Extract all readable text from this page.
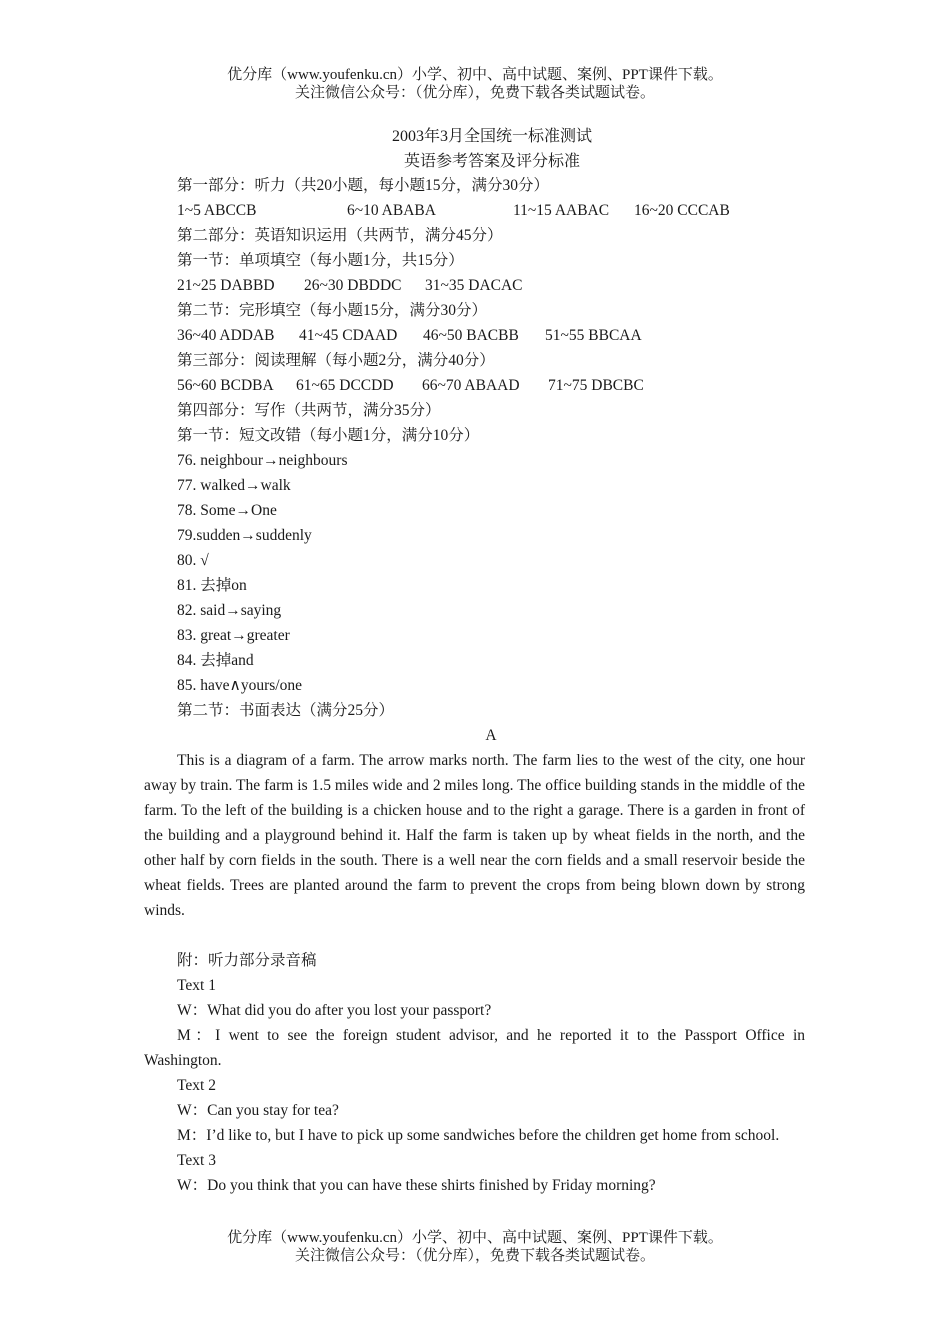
优分库（www.youfenku.cn）小学、初中、高中试题、案例、PPT课件下载。
关注微信公众号：（优分库），免费下载各类试题试卷。
2003年3月全国统一标准测试
英语参考答案及评分标准
第一部分：听力（共20小题，每小题15分，满分30分）
1~5 ABCCB	6~10 ABABA	11~15 AABAC 16~20 CCCAB
第二部分：英语知识运用（共两节，满分45分）
第一节：单项填空（每小题1分，共15分）
21~25 DABBD 26~30 DBDDC 31~35 DACAC
第二节：完形填空（每小题15分，满分30分）
36~40 ADDAB 41~45 CDAAD 46~50 BACBB 51~55 BBCAA
第三部分：阅读理解（每小题2分，满分40分）
56~60 BCDBA 61~65 DCCDD 66~70 ABAAD 71~75 DBCBC
第四部分：写作（共两节，满分35分）
第一节：短文改错（每小题1分，满分10分）
76. neighbour→neighbours
77. walked→walk
78. Some→One
79.sudden→suddenly
80. √
81. 去掉on
82. said→saying
83. great→greater
84. 去掉and
85. have∧yours/one
第二节：书面表达（满分25分）
A

This is a diagram of a farm. The arrow marks north. The farm lies to the west of the city, one hour away by train. The farm is 1.5 miles wide and 2 miles long. The office building stands in the middle of the farm. To the left of the building is a chicken house and to the right a garage. There is a garden in front of the building and a playground behind it. Half the farm is taken up by wheat fields in the north, and the other half by corn fields in the south. There is a well near the corn fields and a small reservoir beside the wheat fields. Trees are planted around the farm to prevent the crops from being blown down by strong winds.

附：听力部分录音稿
Text 1

W：What did you do after you lost your passport?

M：I went to see the foreign student advisor, and he reported it to the Passport Office in Washington.

Text 2

W：Can you stay for tea?

M：I’d like to, but I have to pick up some sandwiches before the children get home from school.

Text 3

W：Do you think that you can have these shirts finished by Friday morning?

优分库（www.youfenku.cn）小学、初中、高中试题、案例、PPT课件下载。
关注微信公众号：（优分库），免费下载各类试题试卷。
